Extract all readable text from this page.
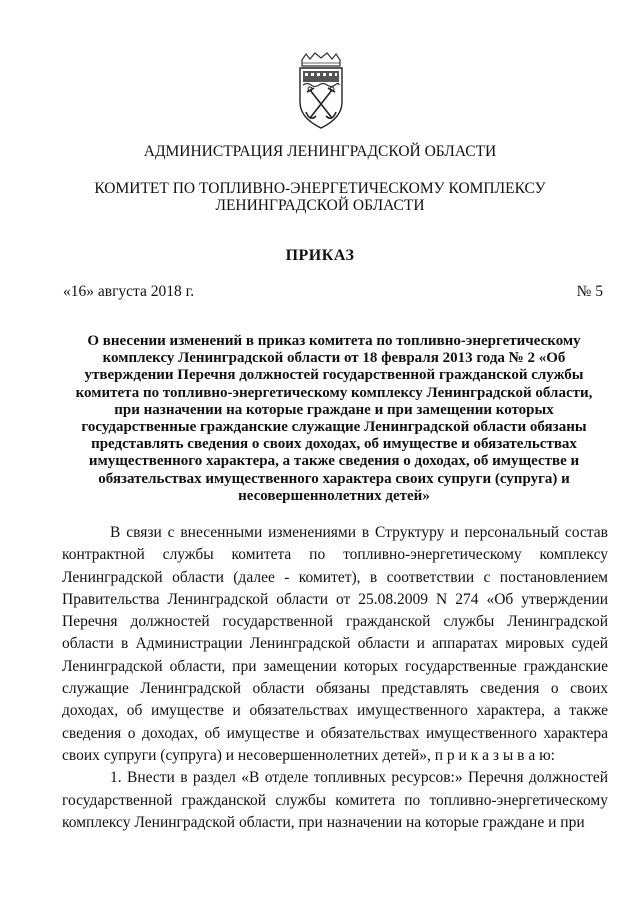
АДМИНИСТРАЦИЯ ЛЕНИНГРАДСКОЙ ОБЛАСТИ
КОМИТЕТ ПО ТОПЛИВНО-ЭНЕРГЕТИЧЕСКОМУ КОМПЛЕКСУ
ЛЕНИНГРАДСКОЙ ОБЛАСТИ
ПРИКАЗ
«16» августа 2018 г.	№ 5
О внесении изменений в приказ комитета по топливно-энергетическому комплексу Ленинградской области от 18 февраля 2013 года № 2 «Об утверждении Перечня должностей государственной гражданской службы комитета по топливно-энергетическому комплексу Ленинградской области, при назначении на которые граждане и при замещении которых государственные гражданские служащие Ленинградской области обязаны представлять сведения о своих доходах, об имуществе и обязательствах имущественного характера, а также сведения о доходах, об имуществе и обязательствах имущественного характера своих супруги (супруга) и несовершеннолетних детей»

В связи с внесенными изменениями в Структуру и персональный состав контрактной службы комитета по топливно-энергетическому комплексу Ленинградской области (далее - комитет), в соответствии с постановлением Правительства Ленинградской области от 25.08.2009 N 274 «Об утверждении Перечня должностей государственной гражданской службы Ленинградской области в Администрации Ленинградской области и аппаратах мировых судей Ленинградской области, при замещении которых государственные гражданские служащие Ленинградской области обязаны представлять сведения о своих доходах, об имуществе и обязательствах имущественного характера, а также сведения о доходах, об имуществе и обязательствах имущественного характера своих супруги (супруга) и несовершеннолетних детей», п р и к а з ы в а ю:

1. Внести в раздел «В отделе топливных ресурсов:» Перечня должностей государственной гражданской службы комитета по топливно-энергетическому комплексу Ленинградской области, при назначении на которые граждане и при
